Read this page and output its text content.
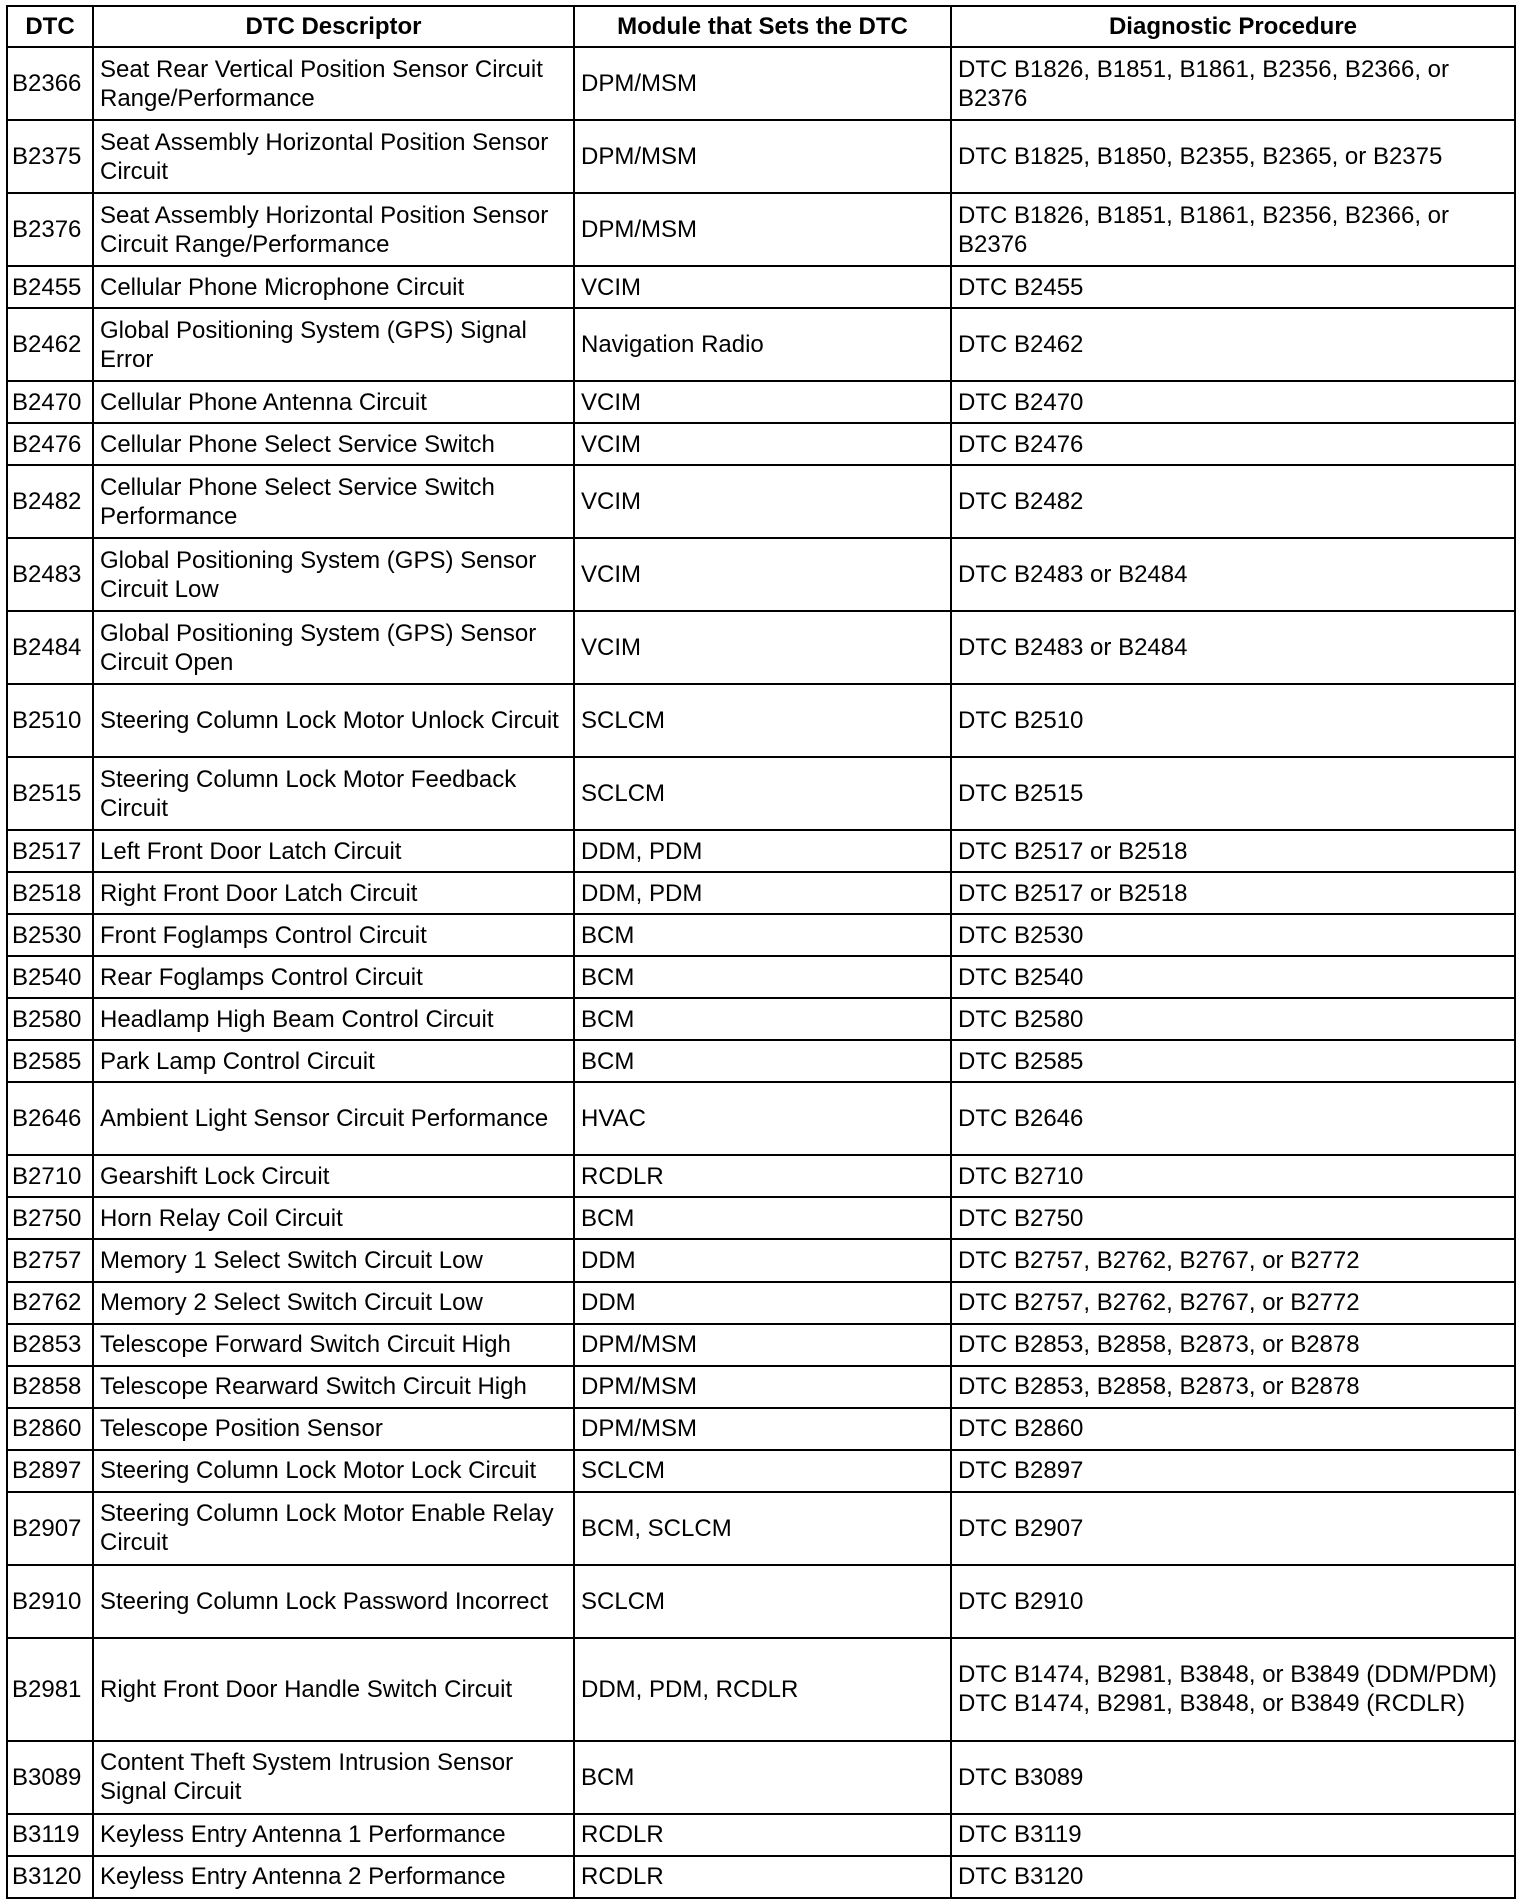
DTC	DTC Descriptor	Module that Sets the DTC	Diagnostic Procedure
B2366	Seat Rear Vertical Position Sensor Circuit Range/Performance	DPM/MSM	DTC B1826, B1851, B1861, B2356, B2366, or B2376
B2375	Seat Assembly Horizontal Position Sensor Circuit	DPM/MSM	DTC B1825, B1850, B2355, B2365, or B2375
B2376	Seat Assembly Horizontal Position Sensor Circuit Range/Performance	DPM/MSM	DTC B1826, B1851, B1861, B2356, B2366, or B2376
B2455	Cellular Phone Microphone Circuit	VCIM	DTC B2455
B2462	Global Positioning System (GPS) Signal Error	Navigation Radio	DTC B2462
B2470	Cellular Phone Antenna Circuit	VCIM	DTC B2470
B2476	Cellular Phone Select Service Switch	VCIM	DTC B2476
B2482	Cellular Phone Select Service Switch Performance	VCIM	DTC B2482
B2483	Global Positioning System (GPS) Sensor Circuit Low	VCIM	DTC B2483 or B2484
B2484	Global Positioning System (GPS) Sensor Circuit Open	VCIM	DTC B2483 or B2484
B2510	Steering Column Lock Motor Unlock Circuit	SCLCM	DTC B2510
B2515	Steering Column Lock Motor Feedback Circuit	SCLCM	DTC B2515
B2517	Left Front Door Latch Circuit	DDM, PDM	DTC B2517 or B2518
B2518	Right Front Door Latch Circuit	DDM, PDM	DTC B2517 or B2518
B2530	Front Foglamps Control Circuit	BCM	DTC B2530
B2540	Rear Foglamps Control Circuit	BCM	DTC B2540
B2580	Headlamp High Beam Control Circuit	BCM	DTC B2580
B2585	Park Lamp Control Circuit	BCM	DTC B2585
B2646	Ambient Light Sensor Circuit Performance	HVAC	DTC B2646
B2710	Gearshift Lock Circuit	RCDLR	DTC B2710
B2750	Horn Relay Coil Circuit	BCM	DTC B2750
B2757	Memory 1 Select Switch Circuit Low	DDM	DTC B2757, B2762, B2767, or B2772
B2762	Memory 2 Select Switch Circuit Low	DDM	DTC B2757, B2762, B2767, or B2772
B2853	Telescope Forward Switch Circuit High	DPM/MSM	DTC B2853, B2858, B2873, or B2878
B2858	Telescope Rearward Switch Circuit High	DPM/MSM	DTC B2853, B2858, B2873, or B2878
B2860	Telescope Position Sensor	DPM/MSM	DTC B2860
B2897	Steering Column Lock Motor Lock Circuit	SCLCM	DTC B2897
B2907	Steering Column Lock Motor Enable Relay Circuit	BCM, SCLCM	DTC B2907
B2910	Steering Column Lock Password Incorrect	SCLCM	DTC B2910
B2981	Right Front Door Handle Switch Circuit	DDM, PDM, RCDLR	DTC B1474, B2981, B3848, or B3849 (DDM/PDM) DTC B1474, B2981, B3848, or B3849 (RCDLR)
B3089	Content Theft System Intrusion Sensor Signal Circuit	BCM	DTC B3089
B3119	Keyless Entry Antenna 1 Performance	RCDLR	DTC B3119
B3120	Keyless Entry Antenna 2 Performance	RCDLR	DTC B3120
